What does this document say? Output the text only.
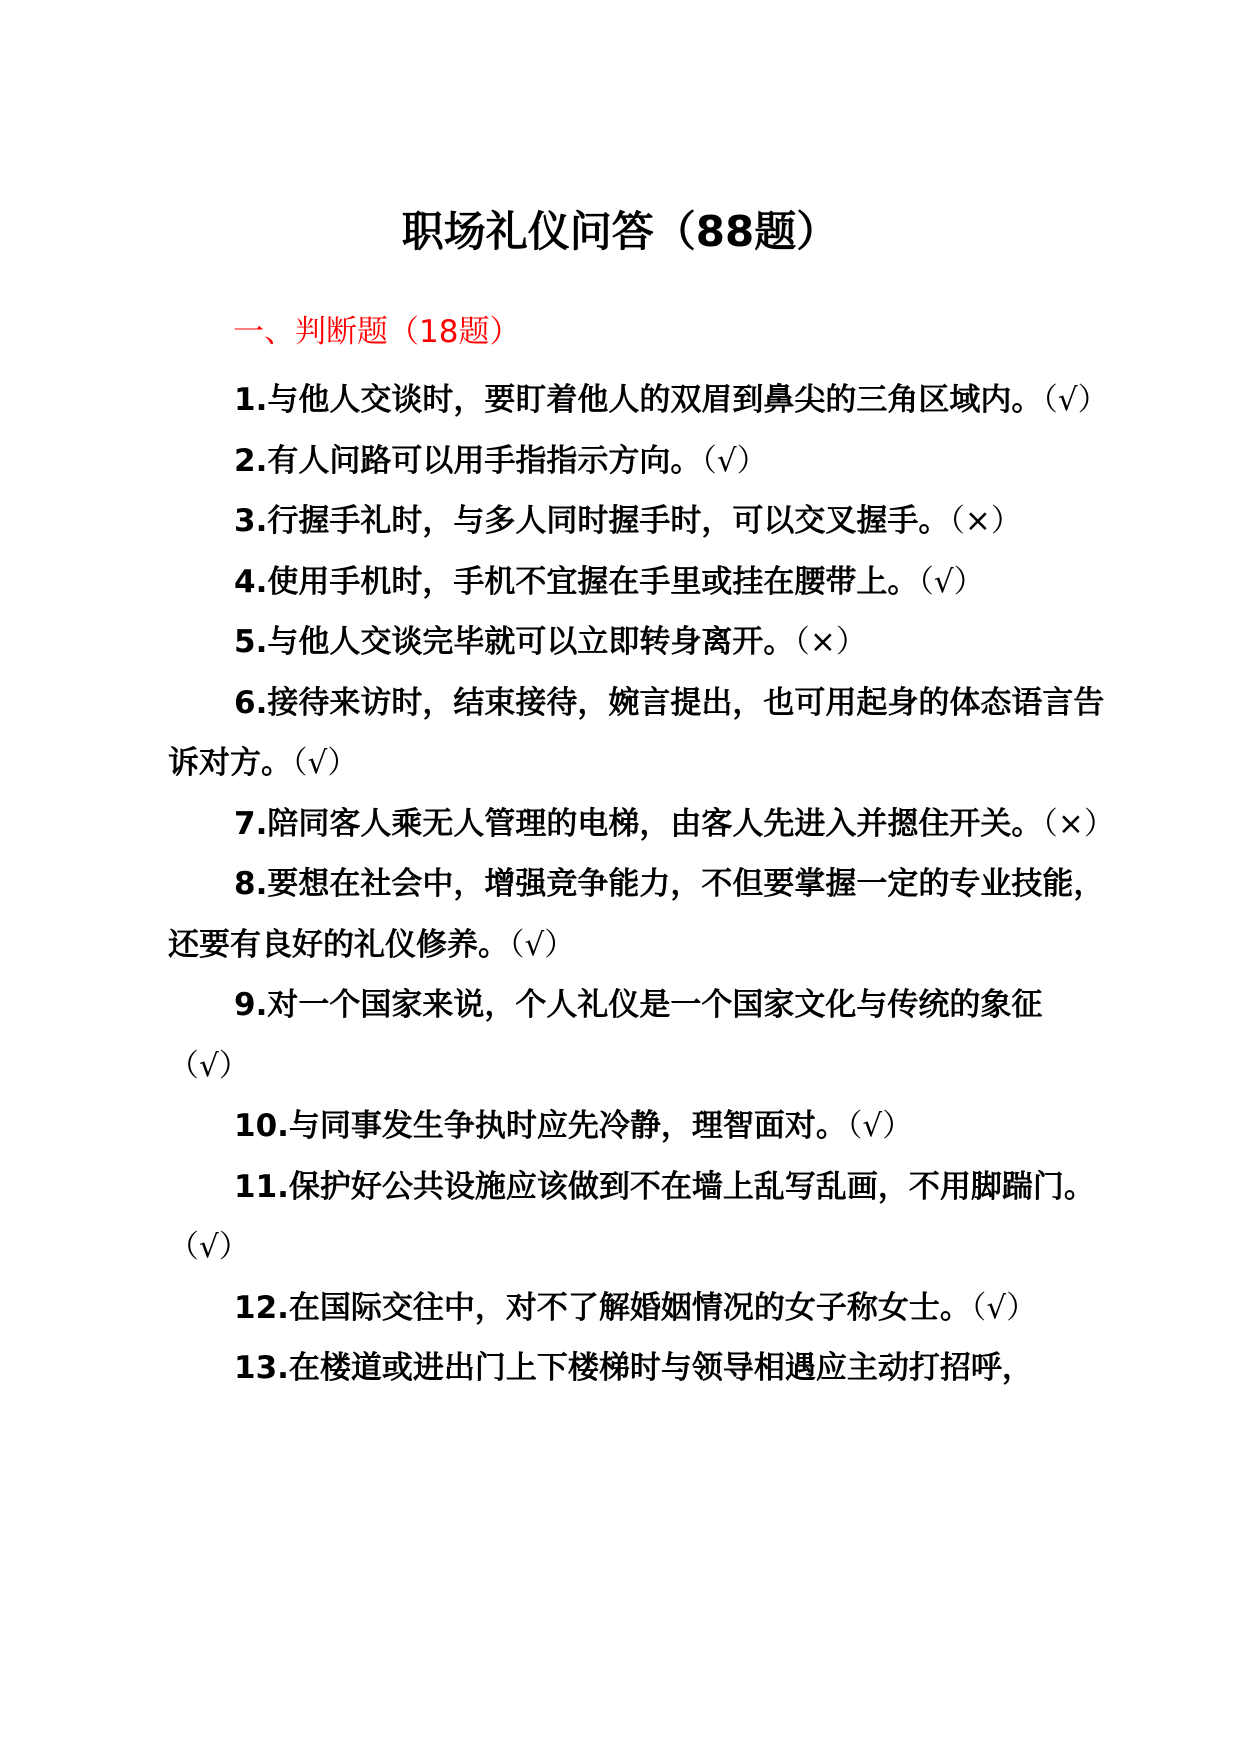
职场礼仪问答（88题）
一、判断题（18题）
1.与他人交谈时，要盯着他人的双眉到鼻尖的三角区域内。（√）
2.有人问路可以用手指指示方向。（√）
3.行握手礼时，与多人同时握手时，可以交叉握手。（×）
4.使用手机时，手机不宜握在手里或挂在腰带上。（√）
5.与他人交谈完毕就可以立即转身离开。（×）
6.接待来访时，结束接待，婉言提出，也可用起身的体态语言告诉对方。（√）
7.陪同客人乘无人管理的电梯，由客人先进入并摁住开关。（×）
8.要想在社会中，增强竞争能力，不但要掌握一定的专业技能，还要有良好的礼仪修养。（√）
9.对一个国家来说，个人礼仪是一个国家文化与传统的象征（√）
10.与同事发生争执时应先冷静，理智面对。（√）
11.保护好公共设施应该做到不在墙上乱写乱画，不用脚踹门。（√）
12.在国际交往中，对不了解婚姻情况的女子称女士。（√）
13.在楼道或进出门上下楼梯时与领导相遇应主动打招呼，
